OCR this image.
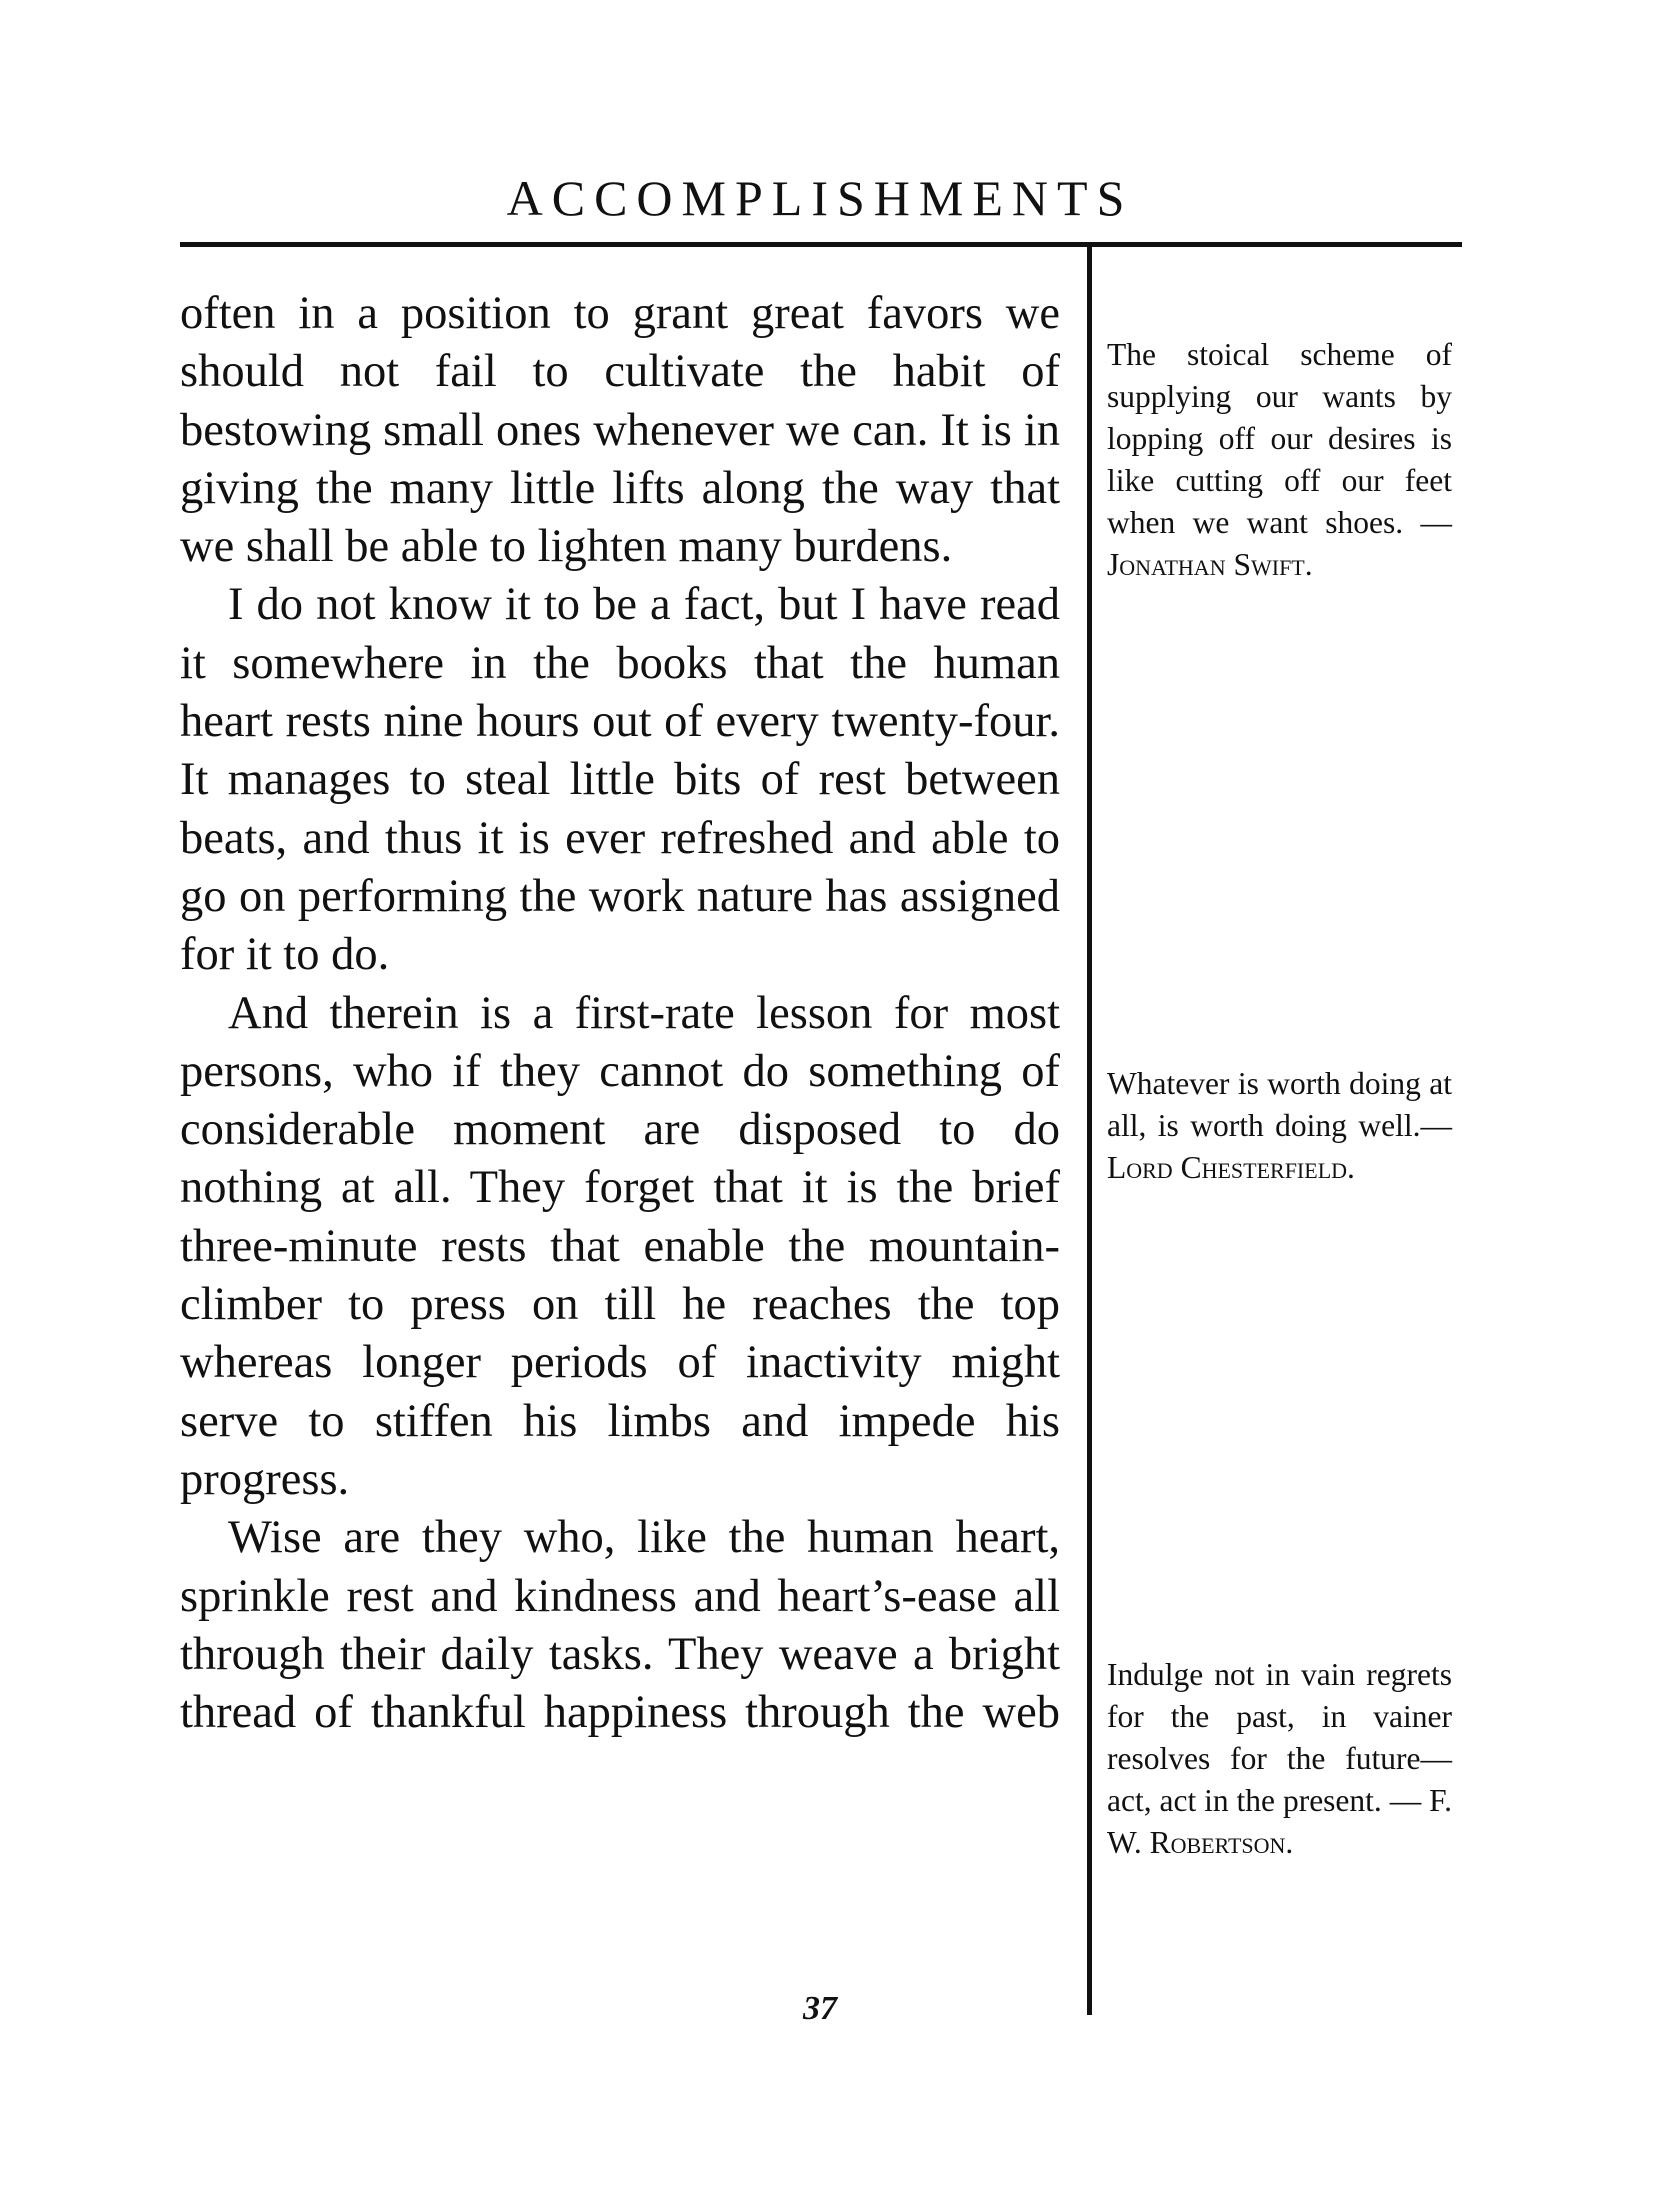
ACCOMPLISHMENTS

often in a position to grant great favors we should not fail to cultivate the habit of bestowing small ones whenever we can. It is in giving the many little lifts along the way that we shall be able to lighten many burdens.

I do not know it to be a fact, but I have read it somewhere in the books that the human heart rests nine hours out of every twenty-four. It manages to steal little bits of rest between beats, and thus it is ever refreshed and able to go on performing the work nature has assigned for it to do.

And therein is a first-rate lesson for most persons, who if they cannot do something of considerable moment are disposed to do nothing at all. They forget that it is the brief three-minute rests that enable the mountain-climber to press on till he reaches the top whereas longer periods of inactivity might serve to stiffen his limbs and impede his progress.

Wise are they who, like the human heart, sprinkle rest and kindness and heart’s-ease all through their daily tasks. They weave a bright thread of thankful happiness through the web

The stoical scheme of supplying our wants by lopping off our desires is like cutting off our feet when we want shoes. —Jonathan Swift.
Whatever is worth doing at all, is worth doing well.— Lord Chesterfield.
Indulge not in vain regrets for the past, in vainer resolves for the future—act, act in the present. — F. W. Robertson.
37
